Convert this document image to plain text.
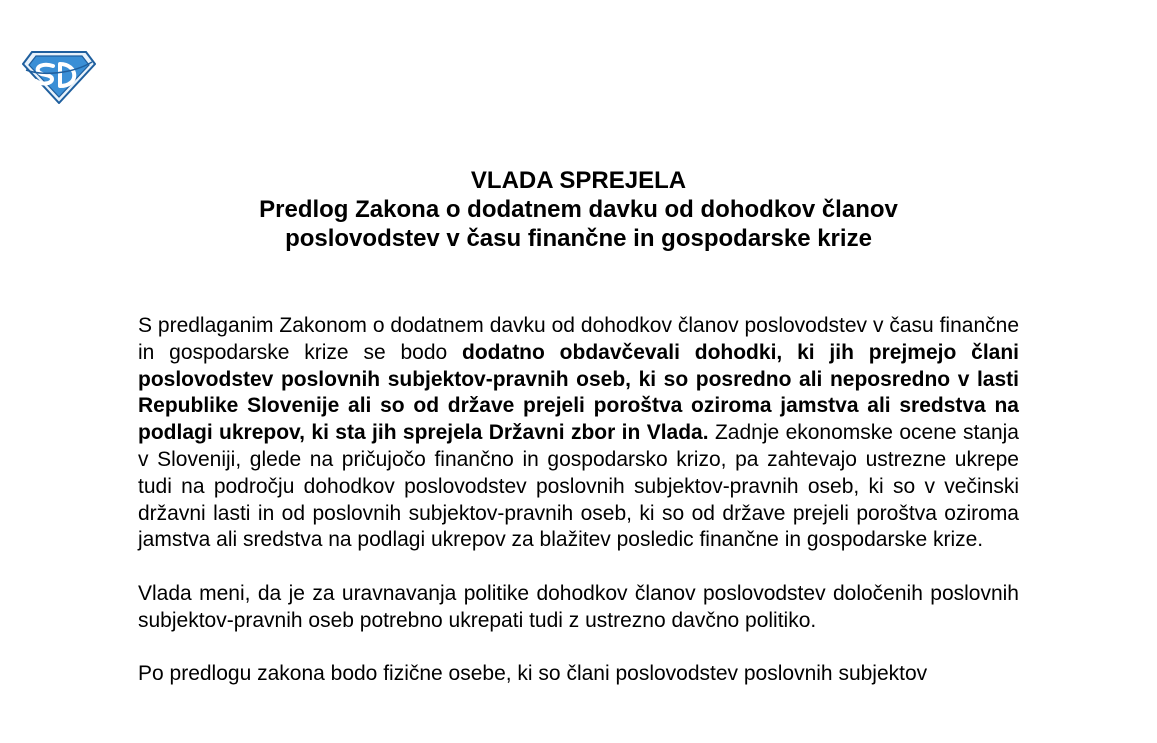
VLADA SPREJELA
Predlog Zakona o dodatnem davku od dohodkov članov
poslovodstev v času finančne in gospodarske krize

S predlaganim Zakonom o dodatnem davku od dohodkov članov poslovodstev v času finančne in gospodarske krize se bodo dodatno obdavčevali dohodki, ki jih prejmejo člani poslovodstev poslovnih subjektov-pravnih oseb, ki so posredno ali neposredno v lasti Republike Slovenije ali so od države prejeli poroštva oziroma jamstva ali sredstva na podlagi ukrepov, ki sta jih sprejela Državni zbor in Vlada. Zadnje ekonomske ocene stanja v Sloveniji, glede na pričujočo finančno in gospodarsko krizo, pa zahtevajo ustrezne ukrepe tudi na področju dohodkov poslovodstev poslovnih subjektov-pravnih oseb, ki so v večinski državni lasti in od poslovnih subjektov-pravnih oseb, ki so od države prejeli poroštva oziroma jamstva ali sredstva na podlagi ukrepov za blažitev posledic finančne in gospodarske krize.

Vlada meni, da je za uravnavanja politike dohodkov članov poslovodstev določenih poslovnih subjektov-pravnih oseb potrebno ukrepati tudi z ustrezno davčno politiko.

Po predlogu zakona bodo fizične osebe, ki so člani poslovodstev poslovnih subjektov
